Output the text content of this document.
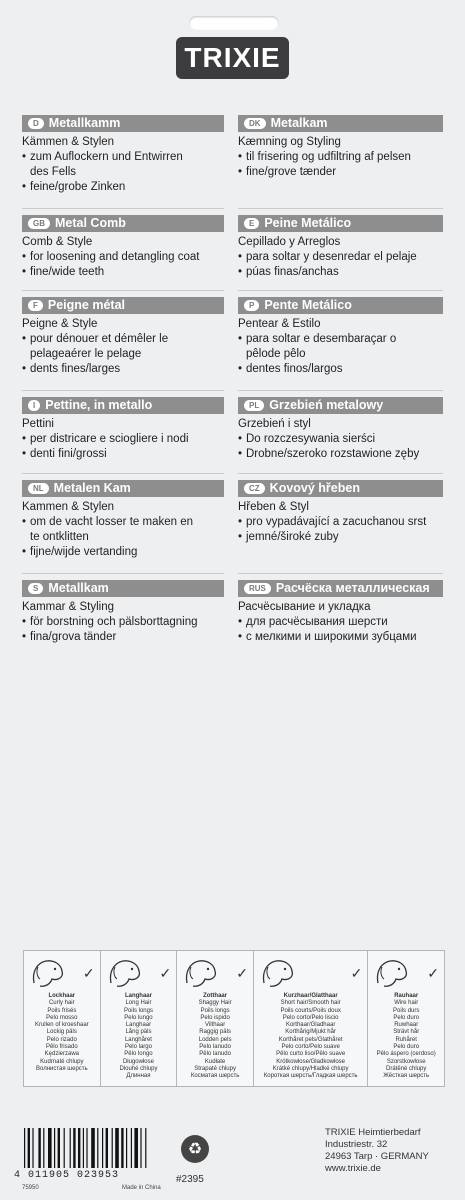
TRIXIE
D Metallkamm
Kämmen & Stylen
• zum Auflockern und Entwirren
des Fells
• feine/grobe Zinken
DK Metalkam
Kæmning og Styling
• til frisering og udfiltring af pelsen
• fine/grove tænder
GB Metal Comb
Comb & Style
• for loosening and detangling coat
• fine/wide teeth
E Peine Metálico
Cepillado y Arreglos
• para soltar y desenredar el pelaje
• púas finas/anchas
F Peigne métal
Peigne & Style
• pour dénouer et démêler le
pelageaérer le pelage
• dents fines/larges
P Pente Metálico
Pentear & Estilo
• para soltar e desembaraçar o
pêlode pêlo
• dentes finos/largos
I Pettine, in metallo
Pettini
• per districare e sciogliere i nodi
• denti fini/grossi
PL Grzebień metalowy
Grzebień i styl
• Do rozczesywania sierści
• Drobne/szeroko rozstawione zęby
NL Metalen Kam
Kammen & Stylen
• om de vacht losser te maken en
te ontklitten
• fijne/wijde vertanding
CZ Kovový hřeben
Hřeben & Styl
• pro vypadávající a zacuchanou srst
• jemné/široké zuby
S Metallkam
Kammar & Styling
• för borstning och pälsborttagning
• fina/grova tänder
RUS Расчёска металлическая
Расчёсывание и укладка
• для расчёсывания шерсти
• с мелкими и широкими зубцами
✓
Lockhaar
Curly hair
Poils frisés
Pelo mosso
Krullen of kroeshaar
Lockig päls
Pelo rizado
Pêlo frisado
Kędzierzawa
Kudrnaté chlupy
Волнистая шерсть
✓
Langhaar
Long Hair
Poils longs
Pelo lungo
Langhaar
Lång päls
Langhåret
Pelo largo
Pêlo longo
Długowłose
Dlouhé chlupy
Длинная
✓
Zotthaar
Shaggy Hair
Poils longs
Pelo ispido
Vilthaar
Raggig päls
Lodden pels
Pelo lanudo
Pêlo lanudo
Kudłate
Strapaté chlupy
Косматая шерсть
✓
Kurzhaar/Glatthaar
Short hair/Smooth hair
Poils courts/Poils doux
Pelo corto/Pelo liscio
Korthaar/Gladhaar
Korthårig/Mjukt hår
Korthåret pels/Glathåret
Pelo corto/Pelo suave
Pêlo curto liso/Pêlo suave
Krótkowłose/Gładkowłose
Krátké chlupy/Hladké chlupy
Короткая шерсть/Гладкая шерсть
✓
Rauhaar
Wire hair
Poils durs
Pelo duro
Ruwhaar
Strävt hår
Ruhåret
Pelo duro
Pêlo áspero (cerdoso)
Szorstkowłose
Drátěné chlupy
Жёсткая шерсть
4 011905 023953
75950	Made in China
♻
#2395
TRIXIE Heimtierbedarf
Industriestr. 32
24963 Tarp · GERMANY
www.trixie.de
